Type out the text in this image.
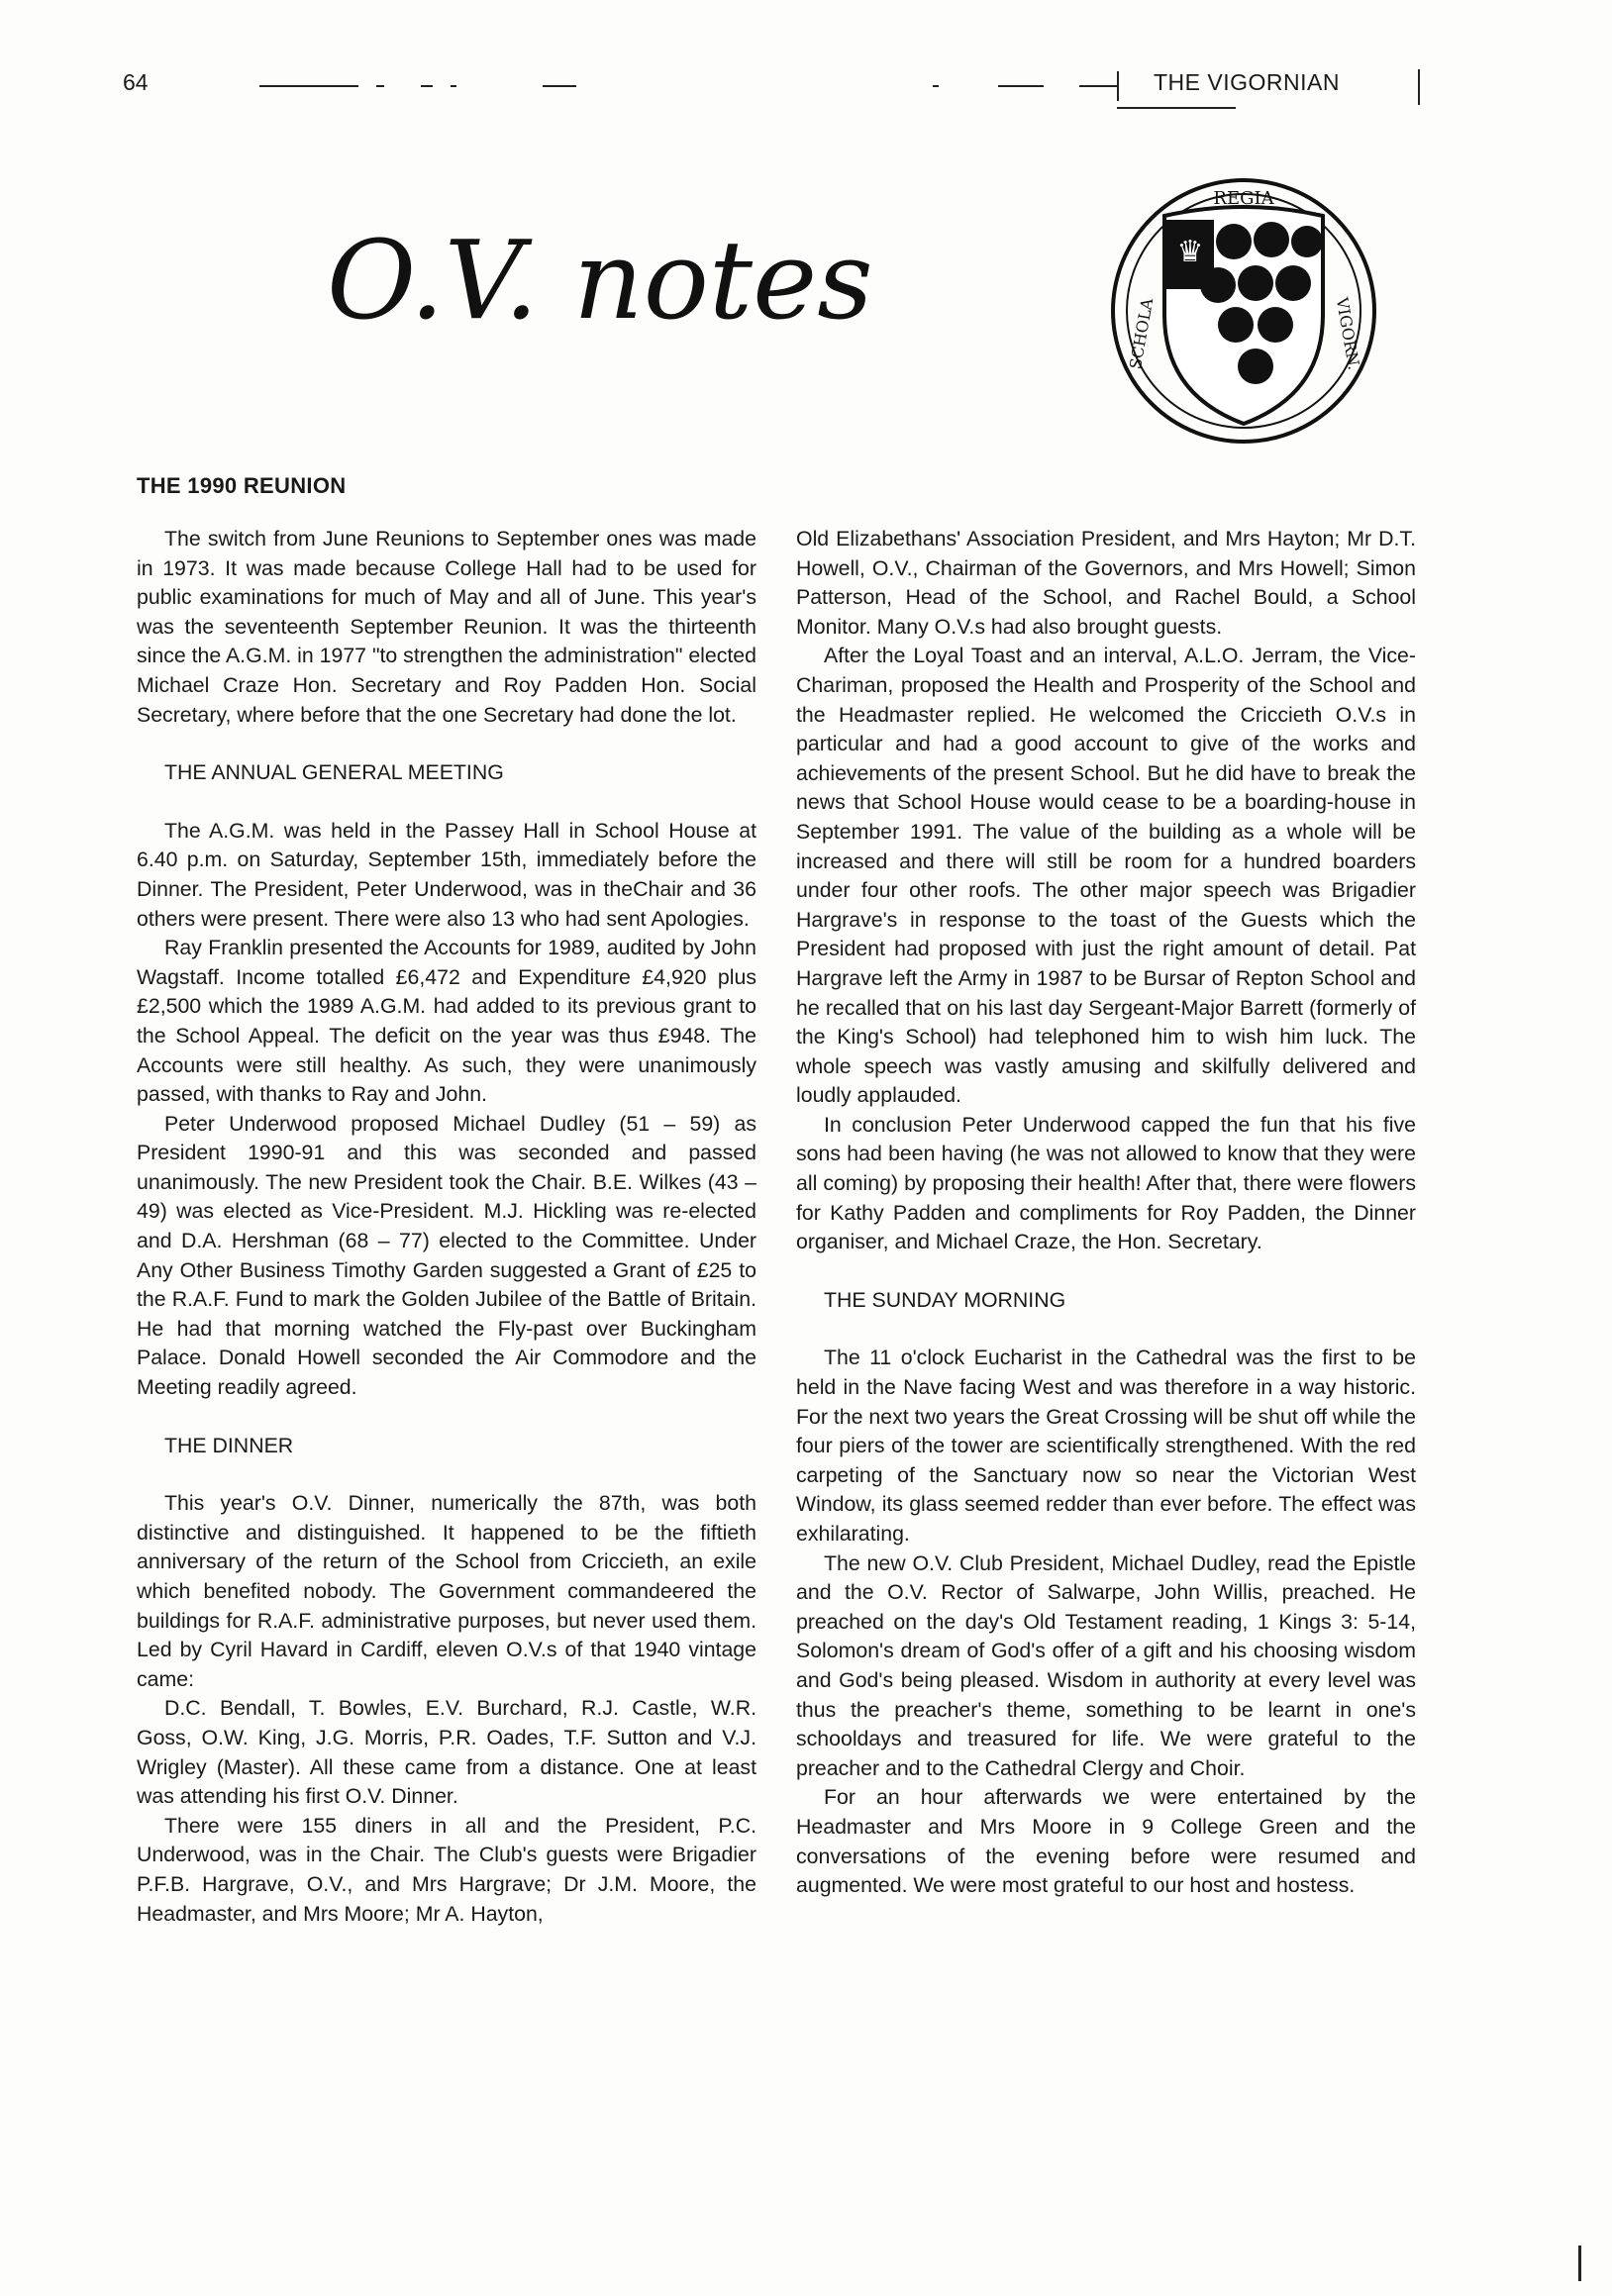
64	THE VIGORNIAN
O.V. notes	♛
REGIA
SCHOLA	VIGORN.
THE 1990 REUNION

The switch from June Reunions to September ones was made in 1973. It was made because College Hall had to be used for public examinations for much of May and all of June. This year's was the seventeenth September Reunion. It was the thirteenth since the A.G.M. in 1977 "to strengthen the administration" elected Michael Craze Hon. Secretary and Roy Padden Hon. Social Secretary, where before that the one Secretary had done the lot.

THE ANNUAL GENERAL MEETING

The A.G.M. was held in the Passey Hall in School House at 6.40 p.m. on Saturday, September 15th, immediately before the Dinner. The President, Peter Underwood, was in theChair and 36 others were present. There were also 13 who had sent Apologies.

Ray Franklin presented the Accounts for 1989, audited by John Wagstaff. Income totalled £6,472 and Expenditure £4,920 plus £2,500 which the 1989 A.G.M. had added to its previous grant to the School Appeal. The deficit on the year was thus £948. The Accounts were still healthy. As such, they were unanimously passed, with thanks to Ray and John.

Peter Underwood proposed Michael Dudley (51 – 59) as President 1990-91 and this was seconded and passed unanimously. The new President took the Chair. B.E. Wilkes (43 – 49) was elected as Vice-President. M.J. Hickling was re-elected and D.A. Hershman (68 – 77) elected to the Committee. Under Any Other Business Timothy Garden suggested a Grant of £25 to the R.A.F. Fund to mark the Golden Jubilee of the Battle of Britain. He had that morning watched the Fly-past over Buckingham Palace. Donald Howell seconded the Air Commodore and the Meeting readily agreed.

THE DINNER

This year's O.V. Dinner, numerically the 87th, was both distinctive and distinguished. It happened to be the fiftieth anniversary of the return of the School from Criccieth, an exile which benefited nobody. The Government commandeered the buildings for R.A.F. administrative purposes, but never used them. Led by Cyril Havard in Cardiff, eleven O.V.s of that 1940 vintage came:

D.C. Bendall, T. Bowles, E.V. Burchard, R.J. Castle, W.R. Goss, O.W. King, J.G. Morris, P.R. Oades, T.F. Sutton and V.J. Wrigley (Master). All these came from a distance. One at least was attending his first O.V. Dinner.

There were 155 diners in all and the President, P.C. Underwood, was in the Chair. The Club's guests were Brigadier P.F.B. Hargrave, O.V., and Mrs Hargrave; Dr J.M. Moore, the Headmaster, and Mrs Moore; Mr A. Hayton,

Old Elizabethans' Association President, and Mrs Hayton; Mr D.T. Howell, O.V., Chairman of the Governors, and Mrs Howell; Simon Patterson, Head of the School, and Rachel Bould, a School Monitor. Many O.V.s had also brought guests.

After the Loyal Toast and an interval, A.L.O. Jerram, the Vice-Chariman, proposed the Health and Prosperity of the School and the Headmaster replied. He welcomed the Criccieth O.V.s in particular and had a good account to give of the works and achievements of the present School. But he did have to break the news that School House would cease to be a boarding-house in September 1991. The value of the building as a whole will be increased and there will still be room for a hundred boarders under four other roofs. The other major speech was Brigadier Hargrave's in response to the toast of the Guests which the President had proposed with just the right amount of detail. Pat Hargrave left the Army in 1987 to be Bursar of Repton School and he recalled that on his last day Sergeant-Major Barrett (formerly of the King's School) had telephoned him to wish him luck. The whole speech was vastly amusing and skilfully delivered and loudly applauded.

In conclusion Peter Underwood capped the fun that his five sons had been having (he was not allowed to know that they were all coming) by proposing their health! After that, there were flowers for Kathy Padden and compliments for Roy Padden, the Dinner organiser, and Michael Craze, the Hon. Secretary.

THE SUNDAY MORNING

The 11 o'clock Eucharist in the Cathedral was the first to be held in the Nave facing West and was therefore in a way historic. For the next two years the Great Crossing will be shut off while the four piers of the tower are scientifically strengthened. With the red carpeting of the Sanctuary now so near the Victorian West Window, its glass seemed redder than ever before. The effect was exhilarating.

The new O.V. Club President, Michael Dudley, read the Epistle and the O.V. Rector of Salwarpe, John Willis, preached. He preached on the day's Old Testament reading, 1 Kings 3: 5-14, Solomon's dream of God's offer of a gift and his choosing wisdom and God's being pleased. Wisdom in authority at every level was thus the preacher's theme, something to be learnt in one's schooldays and treasured for life. We were grateful to the preacher and to the Cathedral Clergy and Choir.

For an hour afterwards we were entertained by the Headmaster and Mrs Moore in 9 College Green and the conversations of the evening before were resumed and augmented. We were most grateful to our host and hostess.
